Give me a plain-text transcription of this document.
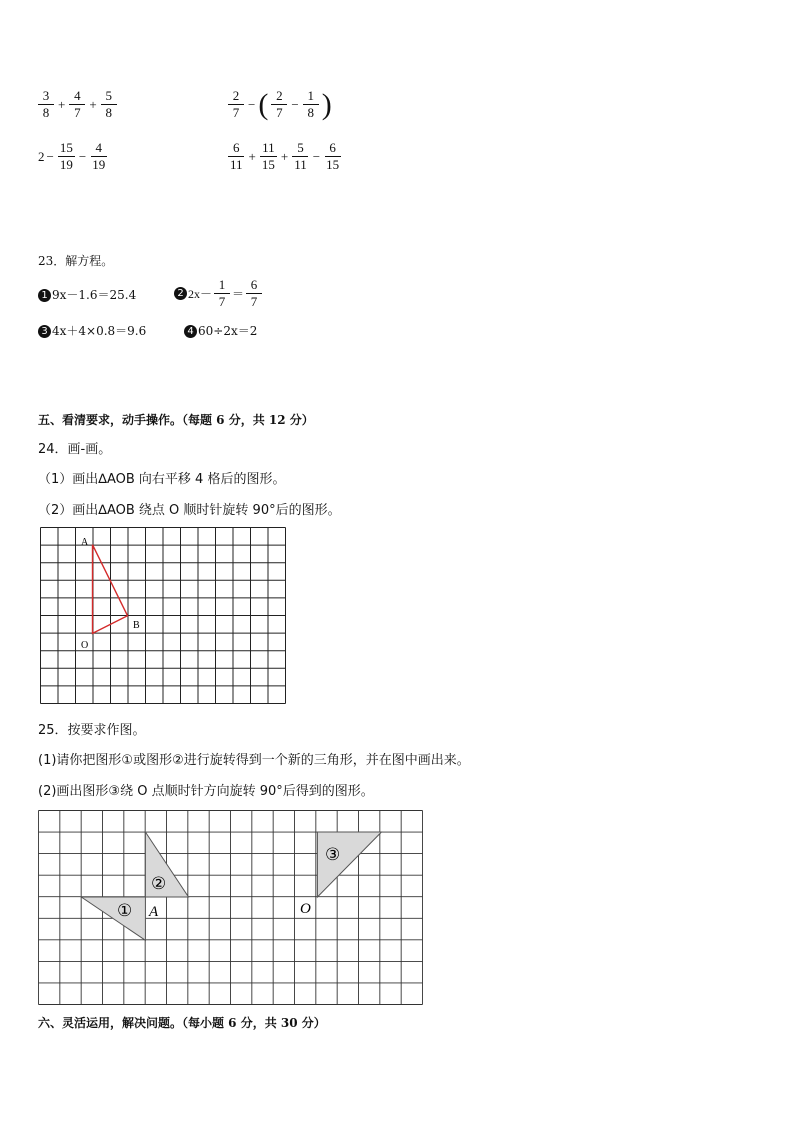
$\frac{3}{8} + \frac{4}{7} + \frac{5}{8}$	$\frac{2}{7}$ − ( $\frac{2}{7} - \frac{1}{8}$ )
$2 - \frac{15}{19} - \frac{4}{19}$	$\frac{6}{11} + \frac{11}{15} + \frac{5}{11} - \frac{6}{15}$
23．解方程。
1 9x－1.6＝25.4	2 $2x- \frac{1}{7} = \frac{6}{7}$
3 4x＋4×0.8＝9.6	4 60÷2x＝2
五、看清要求，动手操作。（每题 6 分，共 12 分）
24．画-画。
（1）画出∆AOB 向右平移 4 格后的图形。
（2）画出∆AOB 绕点 O 顺时针旋转 90°后的图形。
A
B
O
25．按要求作图。
(1)请你把图形①或图形②进行旋转得到一个新的三角形，并在图中画出来。
(2)画出图形③绕 O 点顺时针方向旋转 90°后得到的图形。
①
②
③
A	O
六、灵活运用，解决问题。（每小题 6 分，共 30 分）
